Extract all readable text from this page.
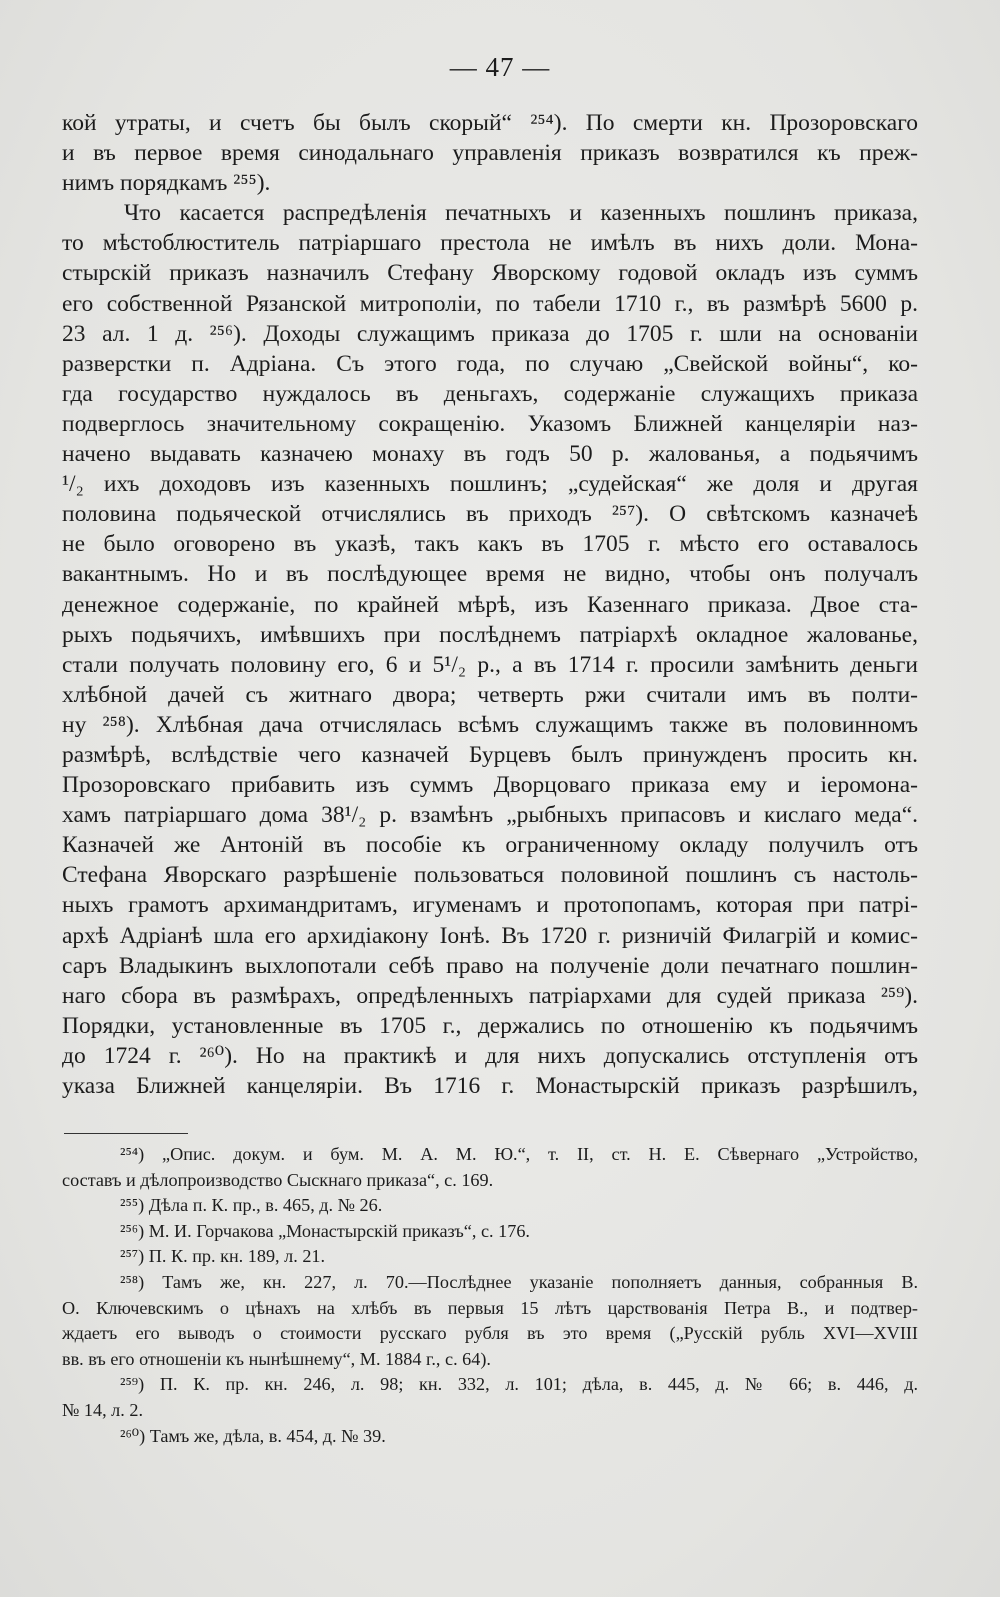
— 47 —
кой утраты, и счетъ бы былъ скорый“ ²⁵⁴). По смерти кн. Прозоровскаго
и въ первое время синодальнаго управленія приказъ возвратился къ преж-
нимъ порядкамъ ²⁵⁵).
Что касается распредѣленія печатныхъ и казенныхъ пошлинъ приказа,
то мѣстоблюститель патріаршаго престола не имѣлъ въ нихъ доли. Мона-
стырскій приказъ назначилъ Стефану Яворскому годовой окладъ изъ суммъ
его собственной Рязанской митрополіи, по табели 1710 г., въ размѣрѣ 5600 р.
23 ал. 1 д. ²⁵⁶). Доходы служащимъ приказа до 1705 г. шли на основаніи
разверстки п. Адріана. Съ этого года, по случаю „Свейской войны“, ко-
гда государство нуждалось въ деньгахъ, содержаніе служащихъ приказа
подверглось значительному сокращенію. Указомъ Ближней канцеляріи наз-
начено выдавать казначею монаху въ годъ 50 р. жалованья, а подьячимъ
¹/₂ ихъ доходовъ изъ казенныхъ пошлинъ; „судейская“ же доля и другая
половина подьяческой отчислялись въ приходъ ²⁵⁷). О свѣтскомъ казначеѣ
не было оговорено въ указѣ, такъ какъ въ 1705 г. мѣсто его оставалось
вакантнымъ. Но и въ послѣдующее время не видно, чтобы онъ получалъ
денежное содержаніе, по крайней мѣрѣ, изъ Казеннаго приказа. Двое ста-
рыхъ подьячихъ, имѣвшихъ при послѣднемъ патріархѣ окладное жалованье,
стали получать половину его, 6 и 5¹/₂ р., а въ 1714 г. просили замѣнить деньги
хлѣбной дачей съ житнаго двора; четверть ржи считали имъ въ полти-
ну ²⁵⁸). Хлѣбная дача отчислялась всѣмъ служащимъ также въ половинномъ
размѣрѣ, вслѣдствіе чего казначей Бурцевъ былъ принужденъ просить кн.
Прозоровскаго прибавить изъ суммъ Дворцоваго приказа ему и іеромона-
хамъ патріаршаго дома 38¹/₂ р. взамѣнъ „рыбныхъ припасовъ и кислаго меда“.
Казначей же Антоній въ пособіе къ ограниченному окладу получилъ отъ
Стефана Яворскаго разрѣшеніе пользоваться половиной пошлинъ съ настоль-
ныхъ грамотъ архимандритамъ, игуменамъ и протопопамъ, которая при патрі-
архѣ Адріанѣ шла его архидіакону Іонѣ. Въ 1720 г. ризничій Филагрій и комис-
саръ Владыкинъ выхлопотали себѣ право на полученіе доли печатнаго пошлин-
наго сбора въ размѣрахъ, опредѣленныхъ патріархами для судей приказа ²⁵⁹).
Порядки, установленные въ 1705 г., держались по отношенію къ подьячимъ
до 1724 г. ²⁶⁰). Но на практикѣ и для нихъ допускались отступленія отъ
указа Ближней канцеляріи. Въ 1716 г. Монастырскій приказъ разрѣшилъ,
²⁵⁴) „Опис. докум. и бум. М. А. М. Ю.“, т. II, ст. Н. Е. Сѣвернаго „Устройство,
составъ и дѣлопроизводство Сыскнаго приказа“, с. 169.
²⁵⁵) Дѣла п. К. пр., в. 465, д. № 26.
²⁵⁶) М. И. Горчакова „Монастырскій приказъ“, с. 176.
²⁵⁷) П. К. пр. кн. 189, л. 21.
²⁵⁸) Тамъ же, кн. 227, л. 70.—Послѣднее указаніе пополняетъ данныя, собранныя В.
О. Ключевскимъ о цѣнахъ на хлѣбъ въ первыя 15 лѣтъ царствованія Петра В., и подтвер-
ждаетъ его выводъ о стоимости русскаго рубля въ это время („Русскій рубль XVI—XVIII
вв. въ его отношеніи къ нынѣшнему“, М. 1884 г., с. 64).
²⁵⁹) П. К. пр. кн. 246, л. 98; кн. 332, л. 101; дѣла, в. 445, д. № 66; в. 446, д.
№ 14, л. 2.
²⁶⁰) Тамъ же, дѣла, в. 454, д. № 39.
